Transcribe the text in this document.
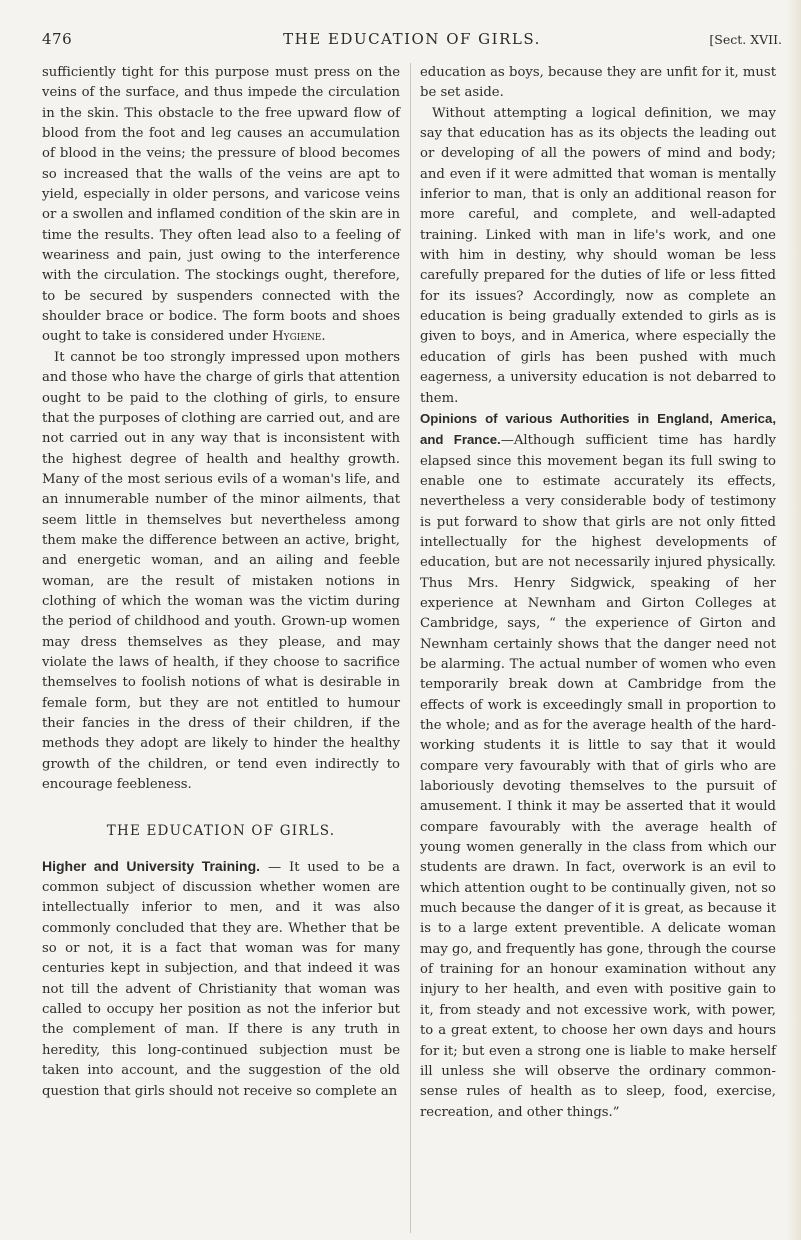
476	THE EDUCATION OF GIRLS.	[Sect. XVII.

sufficiently tight for this purpose must press on the veins of the surface, and thus impede the circulation in the skin. This obstacle to the free upward flow of blood from the foot and leg causes an accumulation of blood in the veins; the pressure of blood becomes so increased that the walls of the veins are apt to yield, especially in older persons, and varicose veins or a swollen and inflamed condition of the skin are in time the results. They often lead also to a feeling of weariness and pain, just owing to the interference with the circulation. The stockings ought, therefore, to be secured by suspenders connected with the shoulder brace or bodice. The form boots and shoes ought to take is considered under Hygiene.

It cannot be too strongly impressed upon mothers and those who have the charge of girls that attention ought to be paid to the clothing of girls, to ensure that the purposes of clothing are carried out, and are not carried out in any way that is inconsistent with the highest degree of health and healthy growth. Many of the most serious evils of a woman's life, and an innumerable number of the minor ailments, that seem little in themselves but nevertheless among them make the difference between an active, bright, and energetic woman, and an ailing and feeble woman, are the result of mistaken notions in clothing of which the woman was the victim during the period of childhood and youth. Grown-up women may dress themselves as they please, and may violate the laws of health, if they choose to sacrifice themselves to foolish notions of what is desirable in female form, but they are not entitled to humour their fancies in the dress of their children, if the methods they adopt are likely to hinder the healthy growth of the children, or tend even indirectly to encourage feebleness.

THE EDUCATION OF GIRLS.

Higher and University Training. — It used to be a common subject of discussion whether women are intellectually inferior to men, and it was also commonly concluded that they are. Whether that be so or not, it is a fact that woman was for many centuries kept in subjection, and that indeed it was not till the advent of Christianity that woman was called to occupy her position as not the inferior but the complement of man. If there is any truth in heredity, this long-continued subjection must be taken into account, and the suggestion of the old question that girls should not receive so complete an

education as boys, because they are unfit for it, must be set aside.

Without attempting a logical definition, we may say that education has as its objects the leading out or developing of all the powers of mind and body; and even if it were admitted that woman is mentally inferior to man, that is only an additional reason for more careful, and complete, and well-adapted training. Linked with man in life's work, and one with him in destiny, why should woman be less carefully prepared for the duties of life or less fitted for its issues? Accordingly, now as complete an education is being gradually extended to girls as is given to boys, and in America, where especially the education of girls has been pushed with much eagerness, a university education is not debarred to them.

Opinions of various Authorities in England, America, and France.—Although sufficient time has hardly elapsed since this movement began its full swing to enable one to estimate accurately its effects, nevertheless a very considerable body of testimony is put forward to show that girls are not only fitted intellectually for the highest developments of education, but are not necessarily injured physically. Thus Mrs. Henry Sidgwick, speaking of her experience at Newnham and Girton Colleges at Cambridge, says, “ the experience of Girton and Newnham certainly shows that the danger need not be alarming. The actual number of women who even temporarily break down at Cambridge from the effects of work is exceedingly small in proportion to the whole; and as for the average health of the hard-working students it is little to say that it would compare very favourably with that of girls who are laboriously devoting themselves to the pursuit of amusement. I think it may be asserted that it would compare favourably with the average health of young women generally in the class from which our students are drawn. In fact, overwork is an evil to which attention ought to be continually given, not so much because the danger of it is great, as because it is to a large extent preventible. A delicate woman may go, and frequently has gone, through the course of training for an honour examination without any injury to her health, and even with positive gain to it, from steady and not excessive work, with power, to a great extent, to choose her own days and hours for it; but even a strong one is liable to make herself ill unless she will observe the ordinary common-sense rules of health as to sleep, food, exercise, recreation, and other things.”
